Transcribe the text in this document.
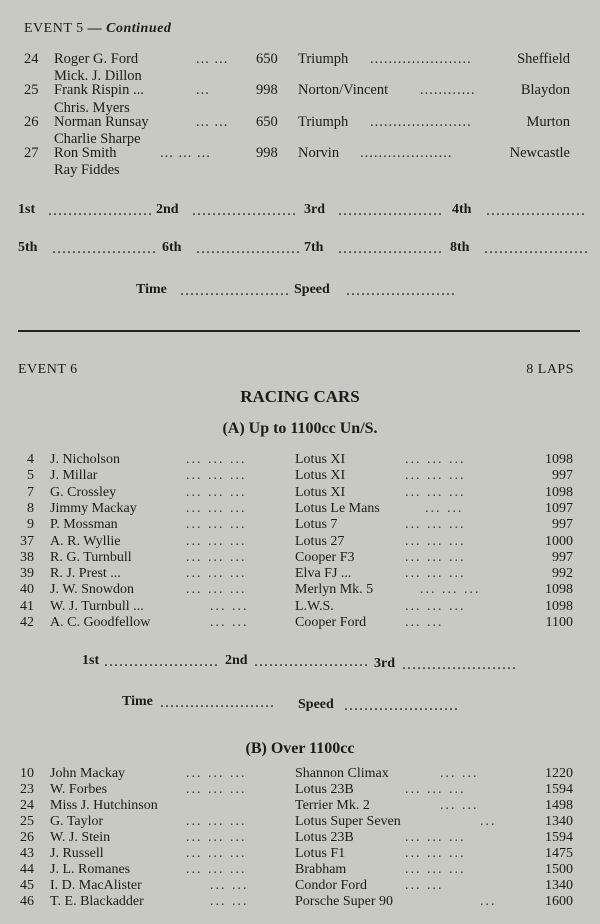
EVENT 5 — Continued
24 Roger G. Ford	... ... 650 Triumph ......................	Sheffield
Mick. J. Dillon
25 Frank Rispin ...	...	998 Norton/Vincent ............	Blaydon
Chris. Myers
26 Norman Runsay	... ... 650 Triumph ......................	Murton
Charlie Sharpe
27 Ron Smith	... ... ...	998 Norvin ....................	Newcastle
Ray Fiddes
1st ..................... 2nd ..................... 3rd ..................... 4th ....................
5th ..................... 6th ..................... 7th ..................... 8th .....................
Time ...................... Speed ......................
EVENT 6	8 LAPS
RACING CARS
(A) Up to 1100cc Un/S.
4 J. Nicholson	... ... ...	Lotus XI	... ... ...	1098
5 J. Millar	... ... ...	Lotus XI	... ... ...	997
7 G. Crossley	... ... ...	Lotus XI	... ... ...	1098
8 Jimmy Mackay	... ... ...	Lotus Le Mans	... ...	1097
9 P. Mossman	... ... ...	Lotus 7	... ... ...	997
37 A. R. Wyllie	... ... ...	Lotus 27	... ... ...	1000
38 R. G. Turnbull	... ... ...	Cooper F3	... ... ...	997
39 R. J. Prest ...	... ... ...	Elva FJ ...	... ... ...	992
40 J. W. Snowdon	... ... ...	Merlyn Mk. 5	... ... ...	1098
41 W. J. Turnbull ...	... ...	L.W.S.	... ... ...	1098
42 A. C. Goodfellow	... ...	Cooper Ford	... ...	1100
1st ....................... 2nd ....................... 3rd .......................
Time ....................... Speed .......................
(B) Over 1100cc
10 John Mackay	... ... ...	Shannon Climax	... ...	1220
23 W. Forbes	... ... ...	Lotus 23B	... ... ...	1594
24 Miss J. Hutchinson	Terrier Mk. 2	... ...	1498
25 G. Taylor	... ... ...	Lotus Super Seven	...	1340
26 W. J. Stein	... ... ...	Lotus 23B	... ... ...	1594
43 J. Russell	... ... ...	Lotus F1	... ... ...	1475
44 J. L. Romanes	... ... ...	Brabham	... ... ...	1500
45 I. D. MacAlister	... ...	Condor Ford	... ...	1340
46 T. E. Blackadder	... ...	Porsche Super 90	...	1600
